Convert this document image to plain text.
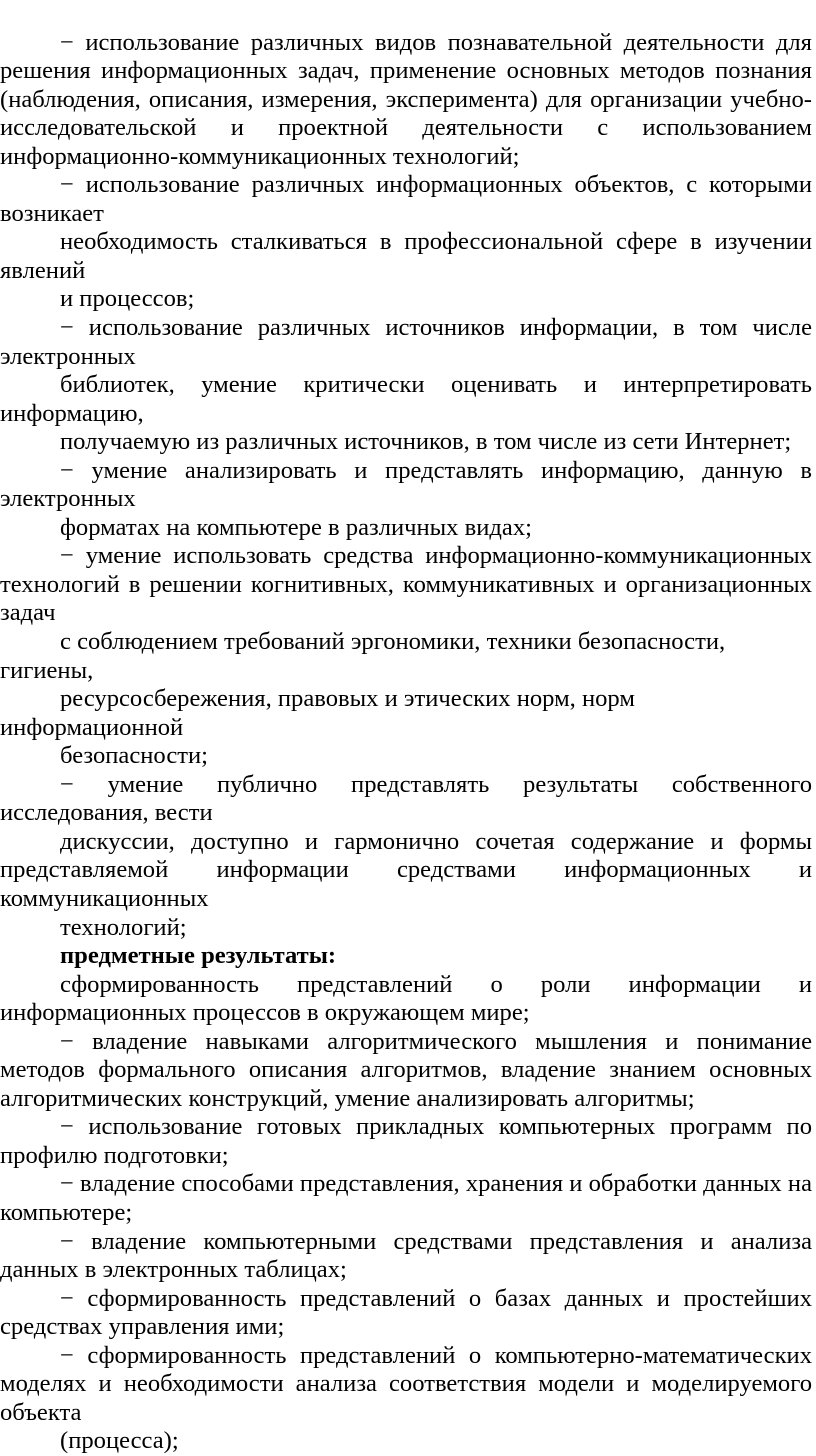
− использование различных видов познавательной деятельности для решения информационных задач, применение основных методов познания (наблюдения, описания, измерения, эксперимента) для организации учебно-исследовательской и проектной деятельности с использованием информационно-коммуникационных технологий;

− использование различных информационных объектов, с которыми возникает

необходимость сталкиваться в профессиональной сфере в изучении явлений

и процессов;

− использование различных источников информации, в том числе электронных

библиотек, умение критически оценивать и интерпретировать информацию,

получаемую из различных источников, в том числе из сети Интернет;

− умение анализировать и представлять информацию, данную в электронных

форматах на компьютере в различных видах;

− умение использовать средства информационно-коммуникационных технологий в решении когнитивных, коммуникативных и организационных задач

с соблюдением требований эргономики, техники безопасности, гигиены,

ресурсосбережения, правовых и этических норм, норм информационной

безопасности;

− умение публично представлять результаты собственного исследования, вести

дискуссии, доступно и гармонично сочетая содержание и формы представляемой информации средствами информационных и коммуникационных

технологий;

предметные результаты:

сформированность представлений о роли информации и информационных процессов в окружающем мире;

− владение навыками алгоритмического мышления и понимание методов формального описания алгоритмов, владение знанием основных алгоритмических конструкций, умение анализировать алгоритмы;

− использование готовых прикладных компьютерных программ по профилю подготовки;

− владение способами представления, хранения и обработки данных на компьютере;

− владение компьютерными средствами представления и анализа данных в электронных таблицах;

− сформированность представлений о базах данных и простейших средствах управления ими;

− сформированность представлений о компьютерно-математических моделях и необходимости анализа соответствия модели и моделируемого объекта

(процесса);
